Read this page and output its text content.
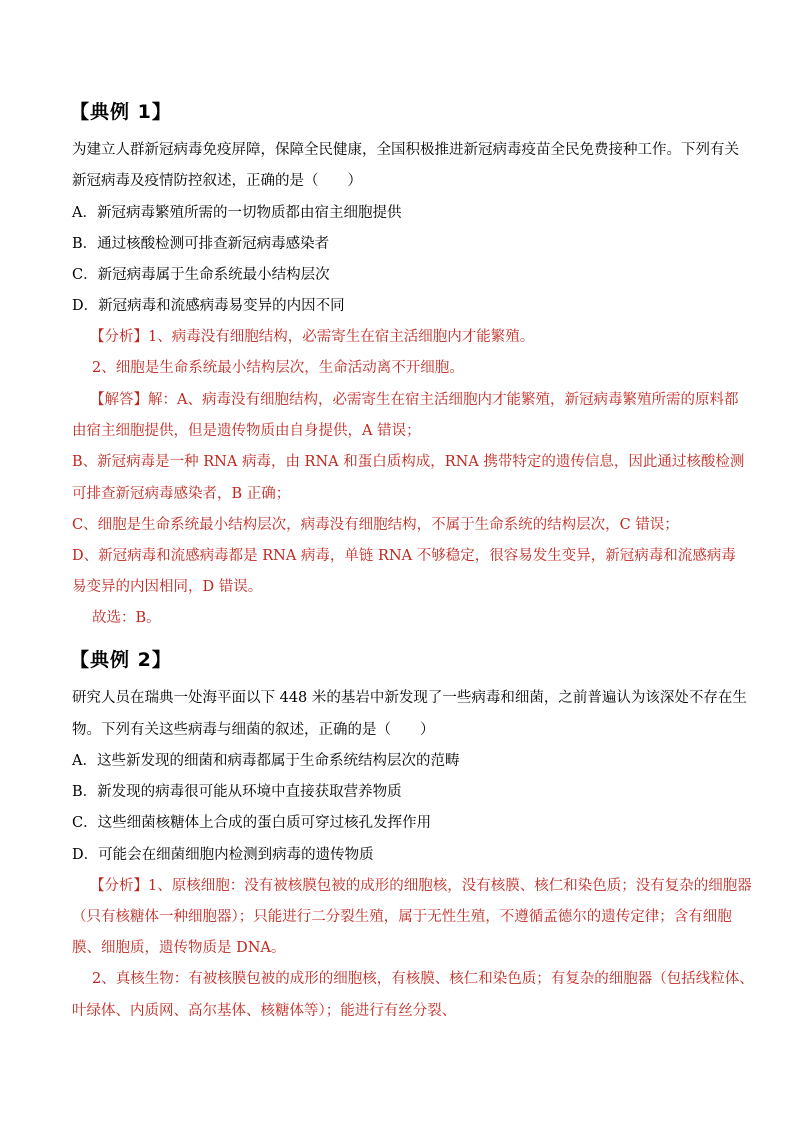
【典例 1】
为建立人群新冠病毒免疫屏障，保障全民健康，全国积极推进新冠病毒疫苗全民免费接种工作。下列有关
新冠病毒及疫情防控叙述，正确的是（　　）
A．新冠病毒繁殖所需的一切物质都由宿主细胞提供
B．通过核酸检测可排查新冠病毒感染者
C．新冠病毒属于生命系统最小结构层次
D．新冠病毒和流感病毒易变异的内因不同
【分析】1、病毒没有细胞结构，必需寄生在宿主活细胞内才能繁殖。
2、细胞是生命系统最小结构层次，生命活动离不开细胞。
【解答】解：A、病毒没有细胞结构，必需寄生在宿主活细胞内才能繁殖，新冠病毒繁殖所需的原料都
由宿主细胞提供，但是遗传物质由自身提供，A 错误；
B、新冠病毒是一种 RNA 病毒，由 RNA 和蛋白质构成，RNA 携带特定的遗传信息，因此通过核酸检测
可排查新冠病毒感染者，B 正确；
C、细胞是生命系统最小结构层次，病毒没有细胞结构，不属于生命系统的结构层次，C 错误；
D、新冠病毒和流感病毒都是 RNA 病毒，单链 RNA 不够稳定，很容易发生变异，新冠病毒和流感病毒
易变异的内因相同，D 错误。
故选：B。
【典例 2】
研究人员在瑞典一处海平面以下 448 米的基岩中新发现了一些病毒和细菌，之前普遍认为该深处不存在生
物。下列有关这些病毒与细菌的叙述，正确的是（　　）
A．这些新发现的细菌和病毒都属于生命系统结构层次的范畴
B．新发现的病毒很可能从环境中直接获取营养物质
C．这些细菌核糖体上合成的蛋白质可穿过核孔发挥作用
D．可能会在细菌细胞内检测到病毒的遗传物质
【分析】1、原核细胞：没有被核膜包被的成形的细胞核，没有核膜、核仁和染色质；没有复杂的细胞器
（只有核糖体一种细胞器）；只能进行二分裂生殖，属于无性生殖，不遵循孟德尔的遗传定律；含有细胞
膜、细胞质，遗传物质是 DNA。
2、真核生物：有被核膜包被的成形的细胞核，有核膜、核仁和染色质；有复杂的细胞器（包括线粒体、
叶绿体、内质网、高尔基体、核糖体等）；能进行有丝分裂、
